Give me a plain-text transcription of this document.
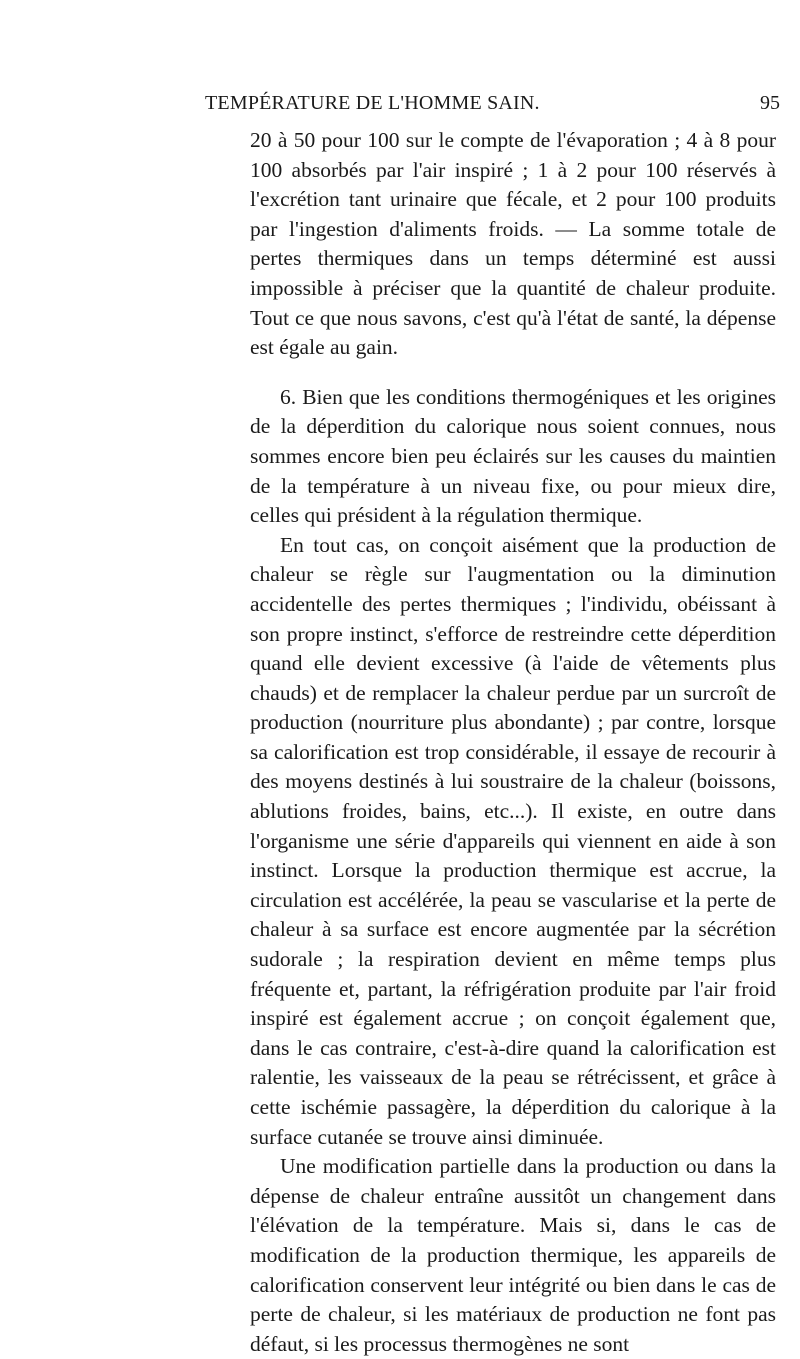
TEMPÉRATURE DE L'HOMME SAIN.	95

20 à 50 pour 100 sur le compte de l'évaporation ; 4 à 8 pour 100 absorbés par l'air inspiré ; 1 à 2 pour 100 réservés à l'excrétion tant urinaire que fécale, et 2 pour 100 produits par l'ingestion d'aliments froids. — La somme totale de pertes thermiques dans un temps déterminé est aussi impossible à préciser que la quantité de chaleur produite. Tout ce que nous savons, c'est qu'à l'état de santé, la dépense est égale au gain.

6. Bien que les conditions thermogéniques et les origines de la déperdition du calorique nous soient connues, nous sommes encore bien peu éclairés sur les causes du maintien de la température à un niveau fixe, ou pour mieux dire, celles qui président à la régulation thermique.

En tout cas, on conçoit aisément que la production de chaleur se règle sur l'augmentation ou la diminution accidentelle des pertes thermiques ; l'individu, obéissant à son propre instinct, s'efforce de restreindre cette déperdition quand elle devient excessive (à l'aide de vêtements plus chauds) et de remplacer la chaleur perdue par un surcroît de production (nourriture plus abondante) ; par contre, lorsque sa calorification est trop considérable, il essaye de recourir à des moyens destinés à lui soustraire de la chaleur (boissons, ablutions froides, bains, etc...). Il existe, en outre dans l'organisme une série d'appareils qui viennent en aide à son instinct. Lorsque la production thermique est accrue, la circulation est accélérée, la peau se vascularise et la perte de chaleur à sa surface est encore augmentée par la sécrétion sudorale ; la respiration devient en même temps plus fréquente et, partant, la réfrigération produite par l'air froid inspiré est également accrue ; on conçoit également que, dans le cas contraire, c'est-à-dire quand la calorification est ralentie, les vaisseaux de la peau se rétrécissent, et grâce à cette ischémie passagère, la déperdition du calorique à la surface cutanée se trouve ainsi diminuée.

Une modification partielle dans la production ou dans la dépense de chaleur entraîne aussitôt un changement dans l'élévation de la température. Mais si, dans le cas de modification de la production thermique, les appareils de calorification conservent leur intégrité ou bien dans le cas de perte de chaleur, si les matériaux de production ne font pas défaut, si les processus thermogènes ne sont
